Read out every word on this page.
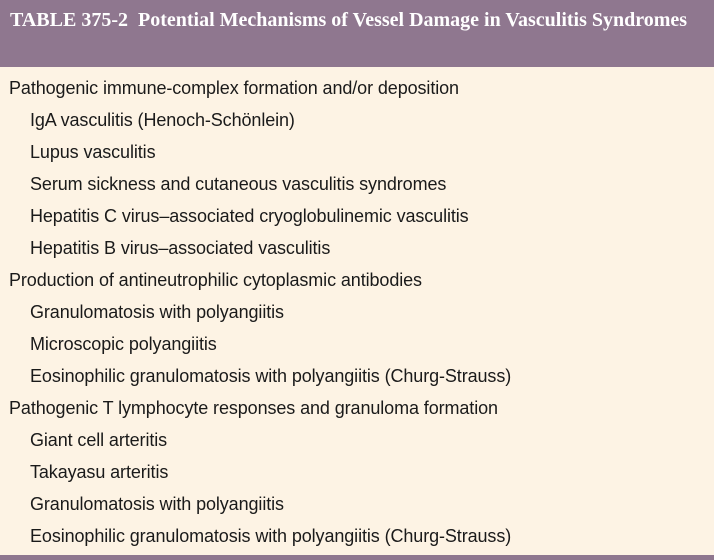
TABLE 375-2 Potential Mechanisms of Vessel Damage in Vasculitis Syndromes
Pathogenic immune-complex formation and/or deposition
IgA vasculitis (Henoch-Schönlein)
Lupus vasculitis
Serum sickness and cutaneous vasculitis syndromes
Hepatitis C virus–associated cryoglobulinemic vasculitis
Hepatitis B virus–associated vasculitis
Production of antineutrophilic cytoplasmic antibodies
Granulomatosis with polyangiitis
Microscopic polyangiitis
Eosinophilic granulomatosis with polyangiitis (Churg-Strauss)
Pathogenic T lymphocyte responses and granuloma formation
Giant cell arteritis
Takayasu arteritis
Granulomatosis with polyangiitis
Eosinophilic granulomatosis with polyangiitis (Churg-Strauss)
